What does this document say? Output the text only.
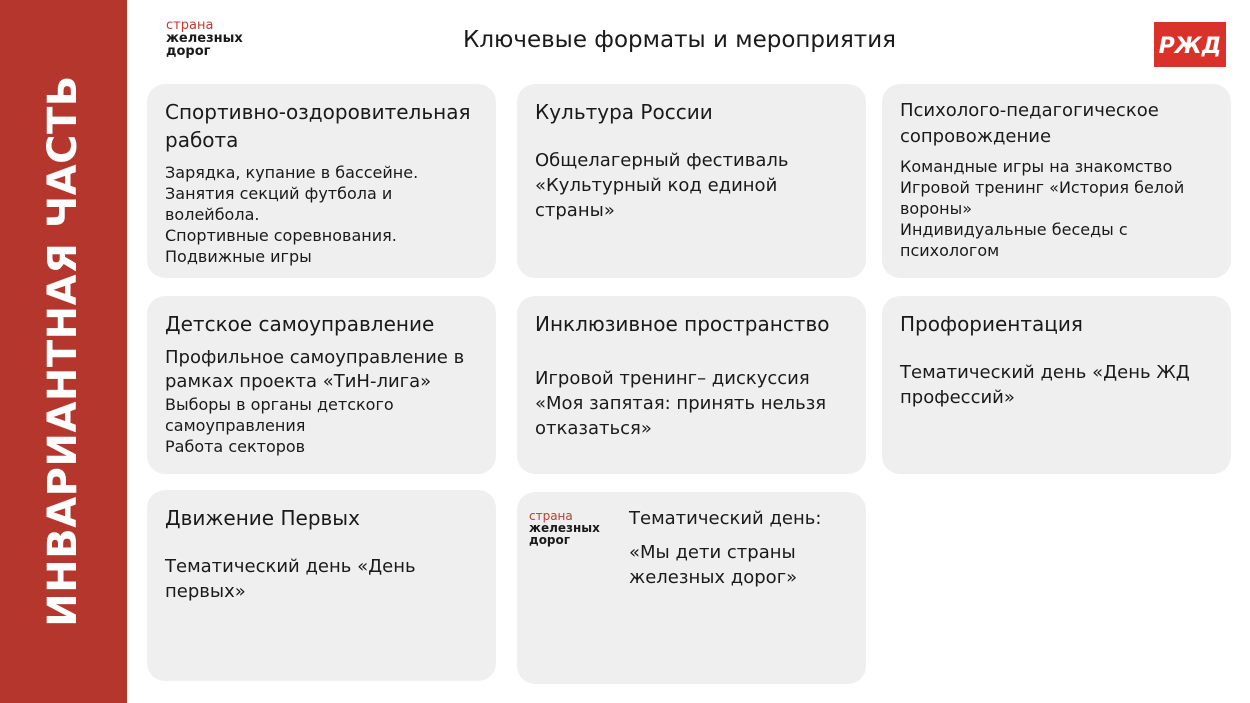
ИНВАРИАНТНАЯ ЧАСТЬ
страна
железных
дорог	Ключевые форматы и мероприятия	РЖД
Спортивно-оздоровительная работа

Зарядка, купание в бассейне.

Занятия секций футбола и волейбола.

Спортивные соревнования.

Подвижные игры

Культура России

Общелагерный фестиваль «Культурный код единой страны»

Психолого-педагогическое сопровождение

Командные игры на знакомство

Игровой тренинг «История белой вороны»

Индивидуальные беседы с психологом

Детское самоуправление
Профильное самоуправление в рамках проекта «ТиН-лига»

Выборы в органы детского самоуправления

Работа секторов

Инклюзивное пространство

Игровой тренинг– дискуссия «Моя запятая: принять нельзя отказаться»

Профориентация

Тематический день «День ЖД профессий»

Движение Первых

Тематический день «День первых»

страна
железных
дорог
Тематический день:
«Мы дети страны железных дорог»
